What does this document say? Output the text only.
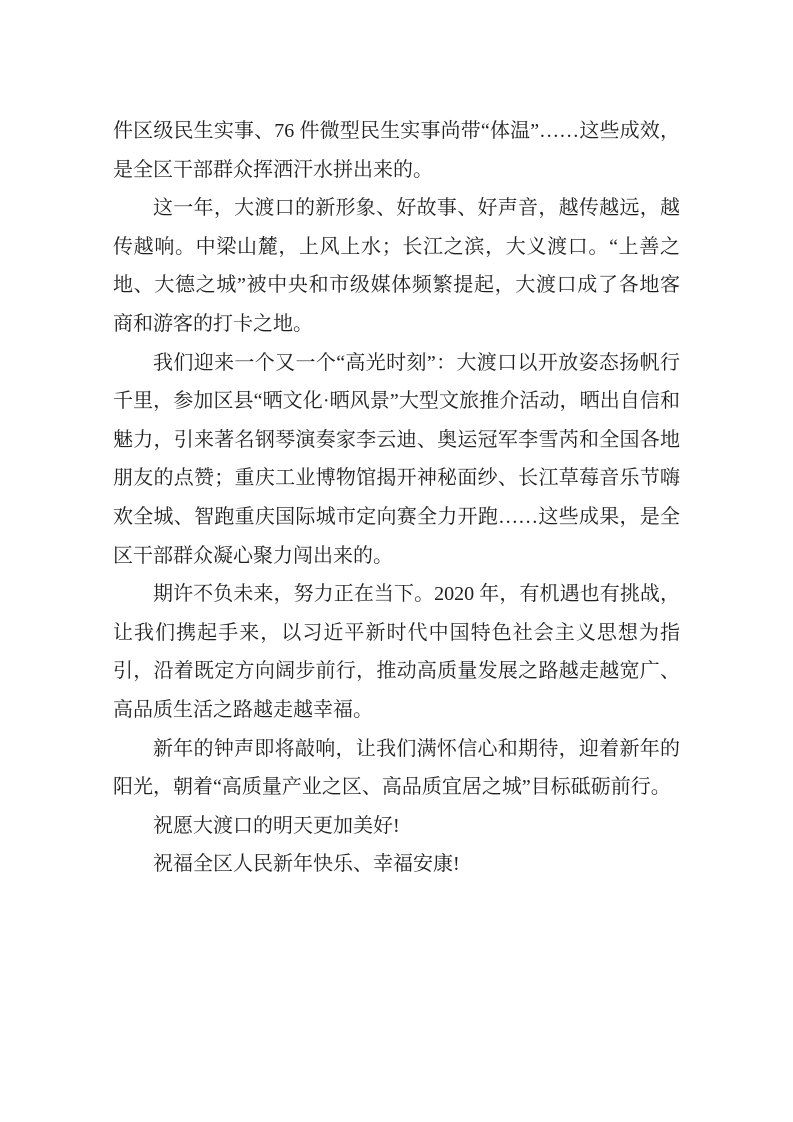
件区级民生实事、76 件微型民生实事尚带“体温”……这些成效，是全区干部群众挥洒汗水拼出来的。

这一年，大渡口的新形象、好故事、好声音，越传越远，越传越响。中梁山麓，上风上水；长江之滨，大义渡口。“上善之地、大德之城”被中央和市级媒体频繁提起，大渡口成了各地客商和游客的打卡之地。

我们迎来一个又一个“高光时刻”：大渡口以开放姿态扬帆行千里，参加区县“晒文化·晒风景”大型文旅推介活动，晒出自信和魅力，引来著名钢琴演奏家李云迪、奥运冠军李雪芮和全国各地朋友的点赞；重庆工业博物馆揭开神秘面纱、长江草莓音乐节嗨欢全城、智跑重庆国际城市定向赛全力开跑……这些成果，是全区干部群众凝心聚力闯出来的。

期许不负未来，努力正在当下。2020 年，有机遇也有挑战，让我们携起手来，以习近平新时代中国特色社会主义思想为指引，沿着既定方向阔步前行，推动高质量发展之路越走越宽广、高品质生活之路越走越幸福。

新年的钟声即将敲响，让我们满怀信心和期待，迎着新年的阳光，朝着“高质量产业之区、高品质宜居之城”目标砥砺前行。

祝愿大渡口的明天更加美好!

祝福全区人民新年快乐、幸福安康!
